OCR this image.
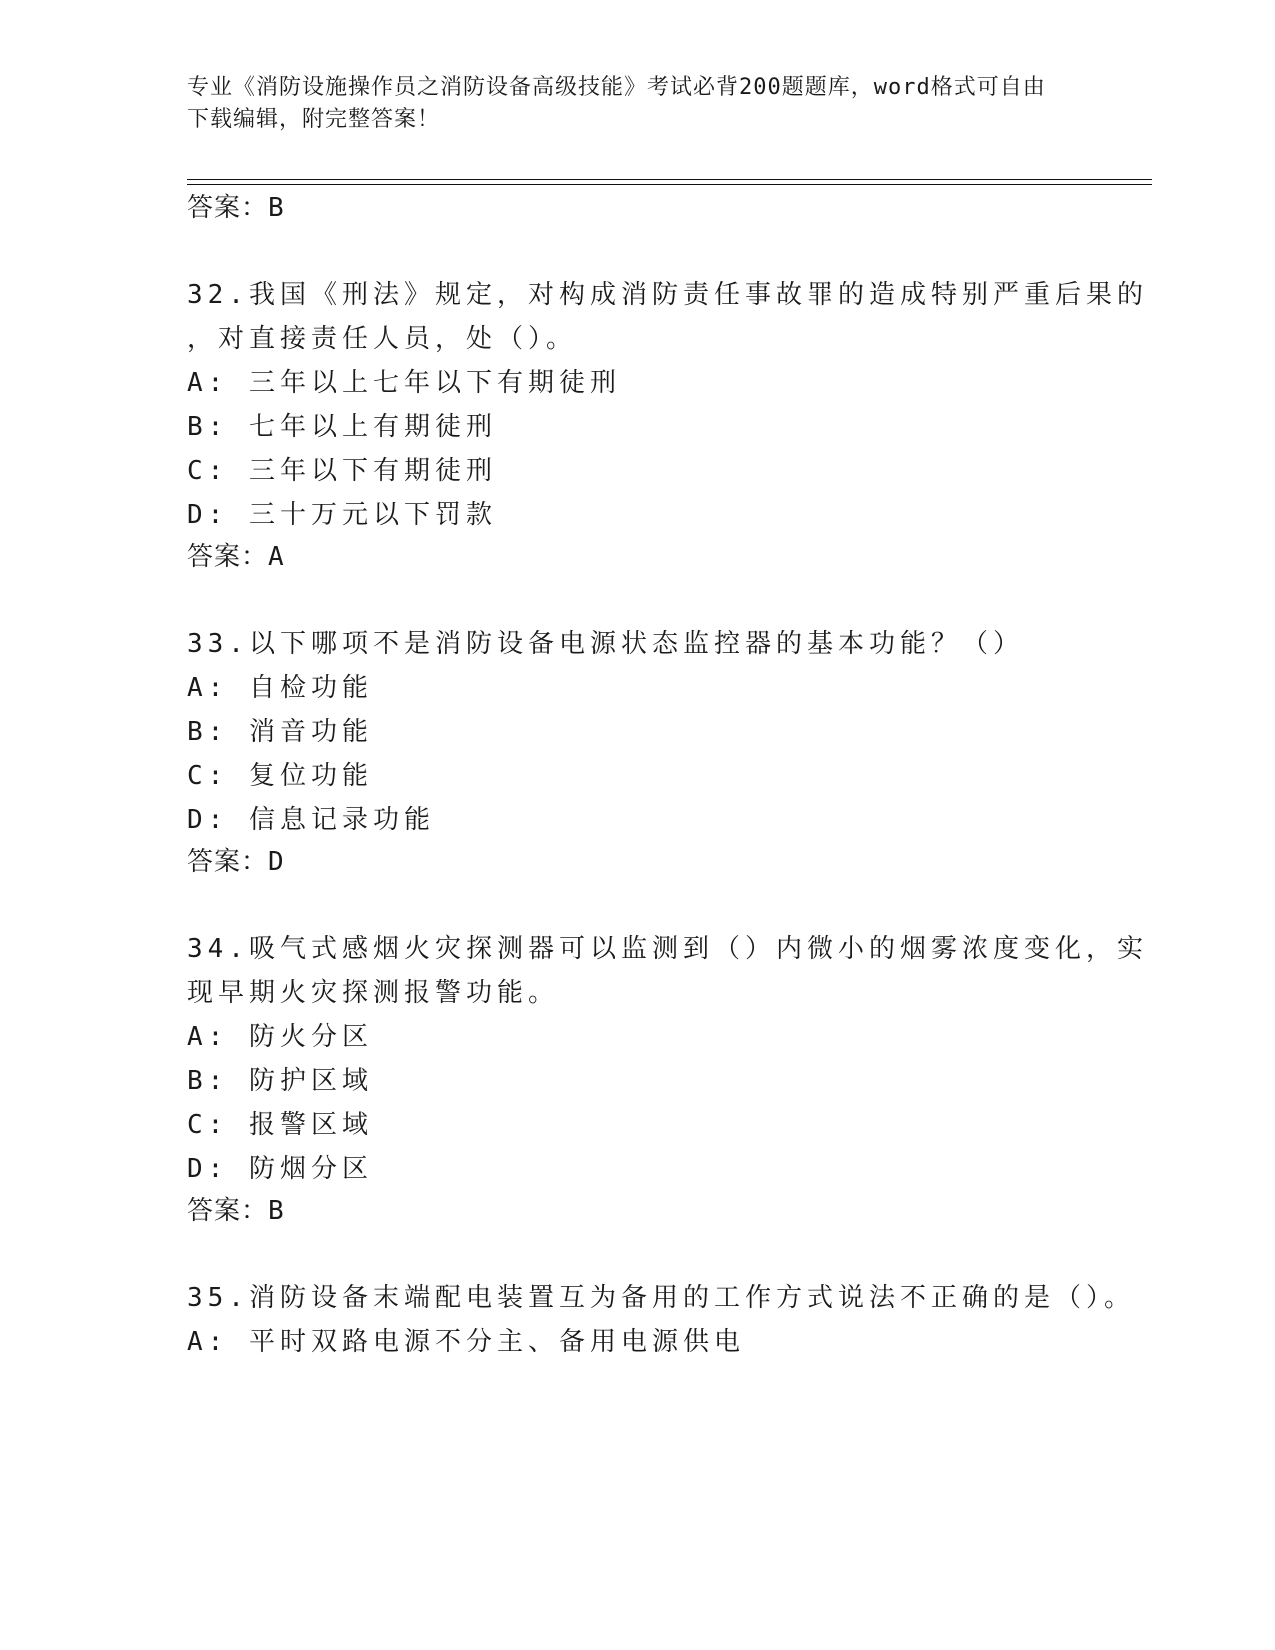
专业《消防设施操作员之消防设备高级技能》考试必背200题题库，word格式可自由下载编辑，附完整答案！
答案：B
32.我国《刑法》规定，对构成消防责任事故罪的造成特别严重后果的
，对直接责任人员，处（）。
A: 三年以上七年以下有期徒刑
B: 七年以上有期徒刑
C: 三年以下有期徒刑
D: 三十万元以下罚款
答案：A
33.以下哪项不是消防设备电源状态监控器的基本功能？（）
A: 自检功能
B: 消音功能
C: 复位功能
D: 信息记录功能
答案：D
34.吸气式感烟火灾探测器可以监测到（）内微小的烟雾浓度变化，实
现早期火灾探测报警功能。
A: 防火分区
B: 防护区域
C: 报警区域
D: 防烟分区
答案：B
35.消防设备末端配电装置互为备用的工作方式说法不正确的是（）。
A: 平时双路电源不分主、备用电源供电
